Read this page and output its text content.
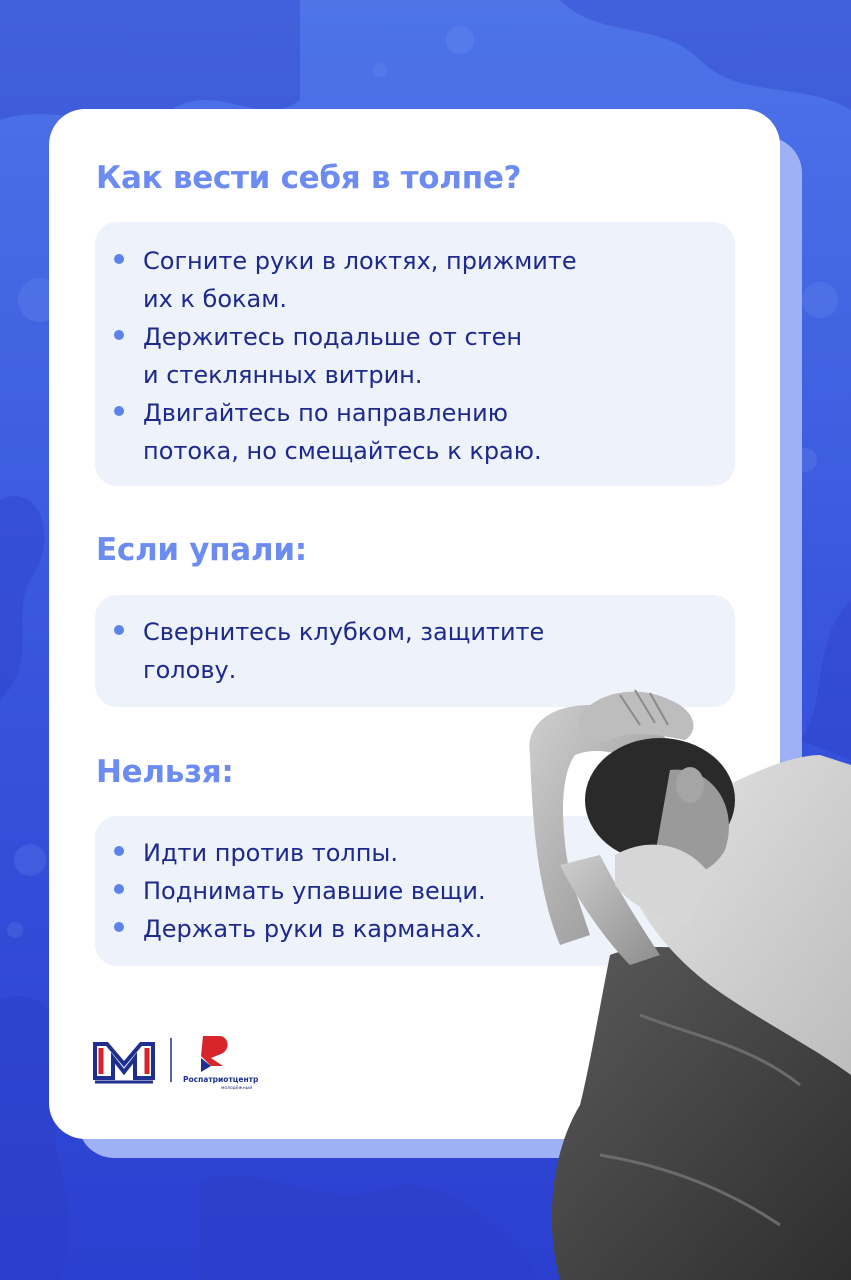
Как вести себя в толпе?
Согните руки в локтях, прижмите
их к бокам.
Держитесь подальше от стен
и стеклянных витрин.
Двигайтесь по направлению
потока, но смещайтесь к краю.
Если упали:
Свернитесь клубком, защитите
голову.
Нельзя:
Идти против толпы.
Поднимать упавшие вещи.
Держать руки в карманах.
Роспатриотцентр
молодёжный
